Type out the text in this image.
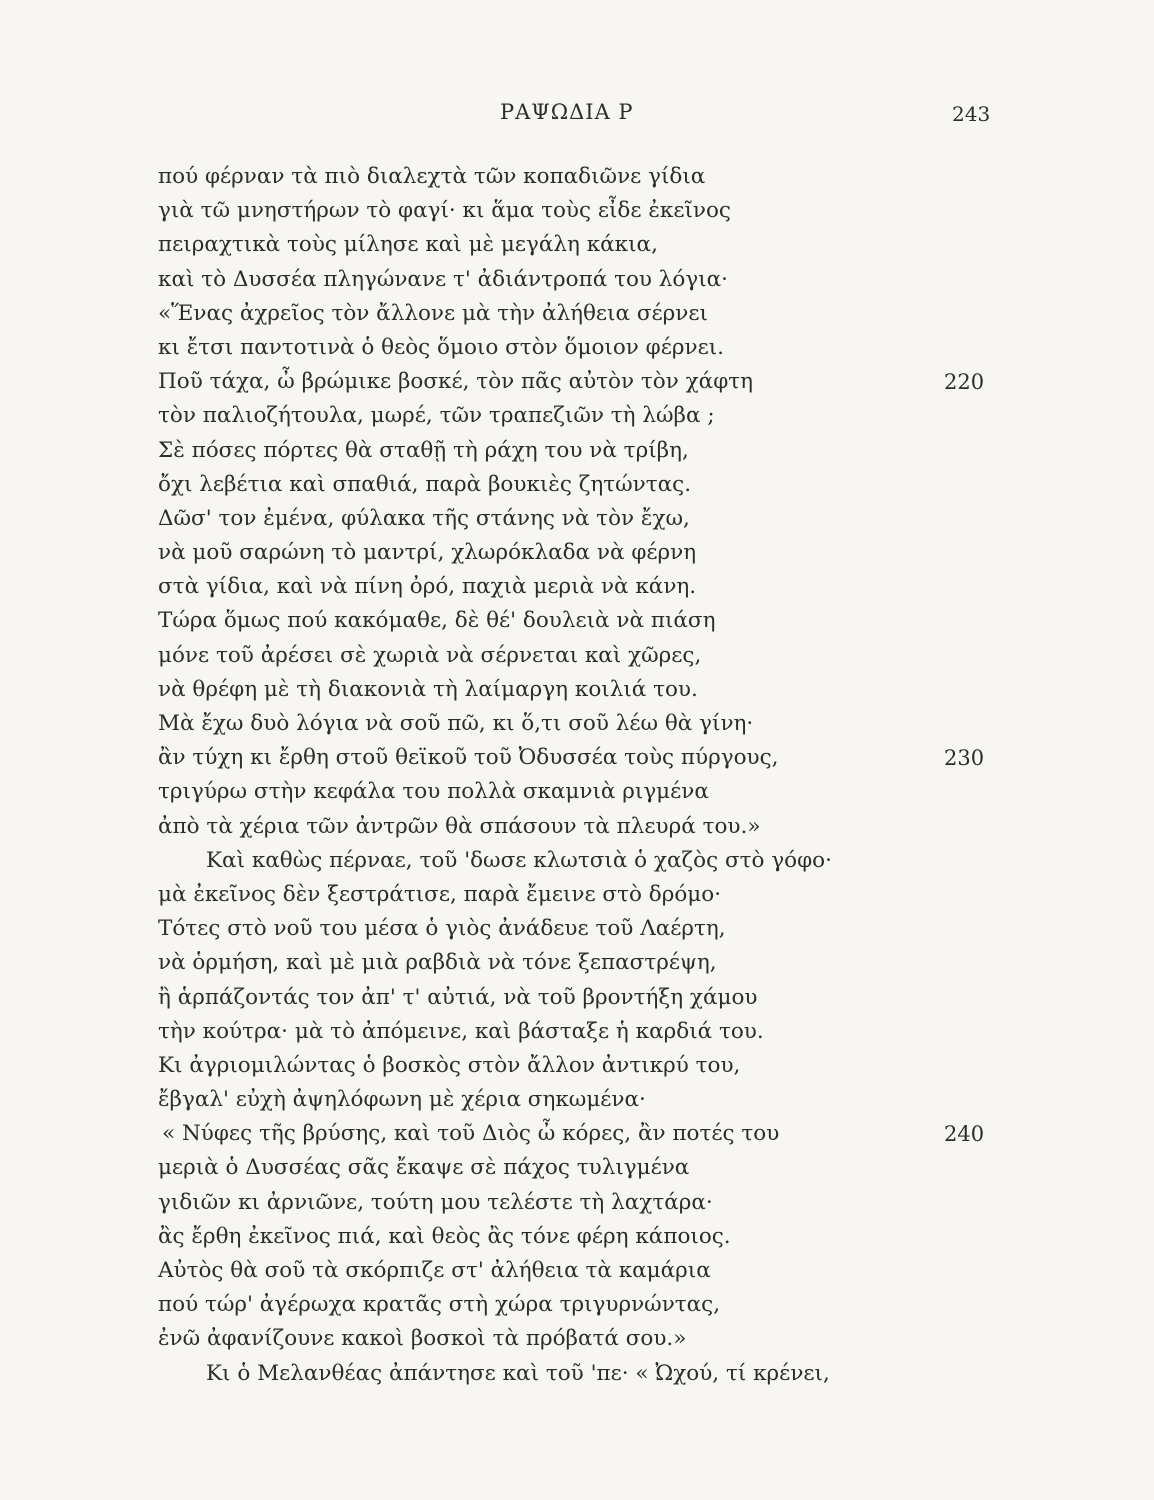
ΡΑΨΩΔΙΑ Ρ	243
πού φέρναν τὰ πιὸ διαλεχτὰ τῶν κοπαδιῶνε γίδια
γιὰ τῶ μνηστήρων τὸ φαγί· κι ἅμα τοὺς εἶδε ἐκεῖνος
πειραχτικὰ τοὺς μίλησε καὶ μὲ μεγάλη κάκια,
καὶ τὸ Δυσσέα πληγώνανε τ' ἀδιάντροπά του λόγια·
«Ἕνας ἀχρεῖος τὸν ἄλλονε μὰ τὴν ἀλήθεια σέρνει
κι ἔτσι παντοτινὰ ὁ θεὸς ὅμοιο στὸν ὅμοιον φέρνει.
Ποῦ τάχα, ὦ βρώμικε βοσκέ, τὸν πᾶς αὐτὸν τὸν χάφτη	220
τὸν παλιοζήτουλα, μωρέ, τῶν τραπεζιῶν τὴ λώβα ;
Σὲ πόσες πόρτες θὰ σταθῇ τὴ ράχη του νὰ τρίβη,
ὄχι λεβέτια καὶ σπαθιά, παρὰ βουκιὲς ζητώντας.
Δῶσ' τον ἐμένα, φύλακα τῆς στάνης νὰ τὸν ἔχω,
νὰ μοῦ σαρώνη τὸ μαντρί, χλωρόκλαδα νὰ φέρνη
στὰ γίδια, καὶ νὰ πίνη ὀρό, παχιὰ μεριὰ νὰ κάνη.
Τώρα ὅμως πού κακόμαθε, δὲ θέ' δουλειὰ νὰ πιάση
μόνε τοῦ ἀρέσει σὲ χωριὰ νὰ σέρνεται καὶ χῶρες,
νὰ θρέφη μὲ τὴ διακονιὰ τὴ λαίμαργη κοιλιά του.
Μὰ ἔχω δυὸ λόγια νὰ σοῦ πῶ, κι ὅ,τι σοῦ λέω θὰ γίνη·
ἂν τύχη κι ἔρθη στοῦ θεϊκοῦ τοῦ Ὀδυσσέα τοὺς πύργους,	230
τριγύρω στὴν κεφάλα του πολλὰ σκαμνιὰ ριγμένα
ἀπὸ τὰ χέρια τῶν ἀντρῶν θὰ σπάσουν τὰ πλευρά του.»
Καὶ καθὼς πέρναε, τοῦ 'δωσε κλωτσιὰ ὁ χαζὸς στὸ γόφο·
μὰ ἐκεῖνος δὲν ξεστράτισε, παρὰ ἔμεινε στὸ δρόμο·
Τότες στὸ νοῦ του μέσα ὁ γιὸς ἀνάδευε τοῦ Λαέρτη,
νὰ ὁρμήση, καὶ μὲ μιὰ ραβδιὰ νὰ τόνε ξεπαστρέψη,
ἢ ἁρπάζοντάς τον ἀπ' τ' αὐτιά, νὰ τοῦ βροντήξη χάμου
τὴν κούτρα· μὰ τὸ ἀπόμεινε, καὶ βάσταξε ἡ καρδιά του.
Κι ἀγριομιλώντας ὁ βοσκὸς στὸν ἄλλον ἀντικρύ του,
ἔβγαλ' εὐχὴ ἀψηλόφωνη μὲ χέρια σηκωμένα·
« Νύφες τῆς βρύσης, καὶ τοῦ Διὸς ὦ κόρες, ἂν ποτές του	240
μεριὰ ὁ Δυσσέας σᾶς ἔκαψε σὲ πάχος τυλιγμένα
γιδιῶν κι ἀρνιῶνε, τούτη μου τελέστε τὴ λαχτάρα·
ἂς ἔρθη ἐκεῖνος πιά, καὶ θεὸς ἂς τόνε φέρη κάποιος.
Αὐτὸς θὰ σοῦ τὰ σκόρπιζε στ' ἀλήθεια τὰ καμάρια
πού τώρ' ἀγέρωχα κρατᾶς στὴ χώρα τριγυρνώντας,
ἐνῶ ἀφανίζουνε κακοὶ βοσκοὶ τὰ πρόβατά σου.»
Κι ὁ Μελανθέας ἀπάντησε καὶ τοῦ 'πε· « Ὠχού, τί κρένει,
